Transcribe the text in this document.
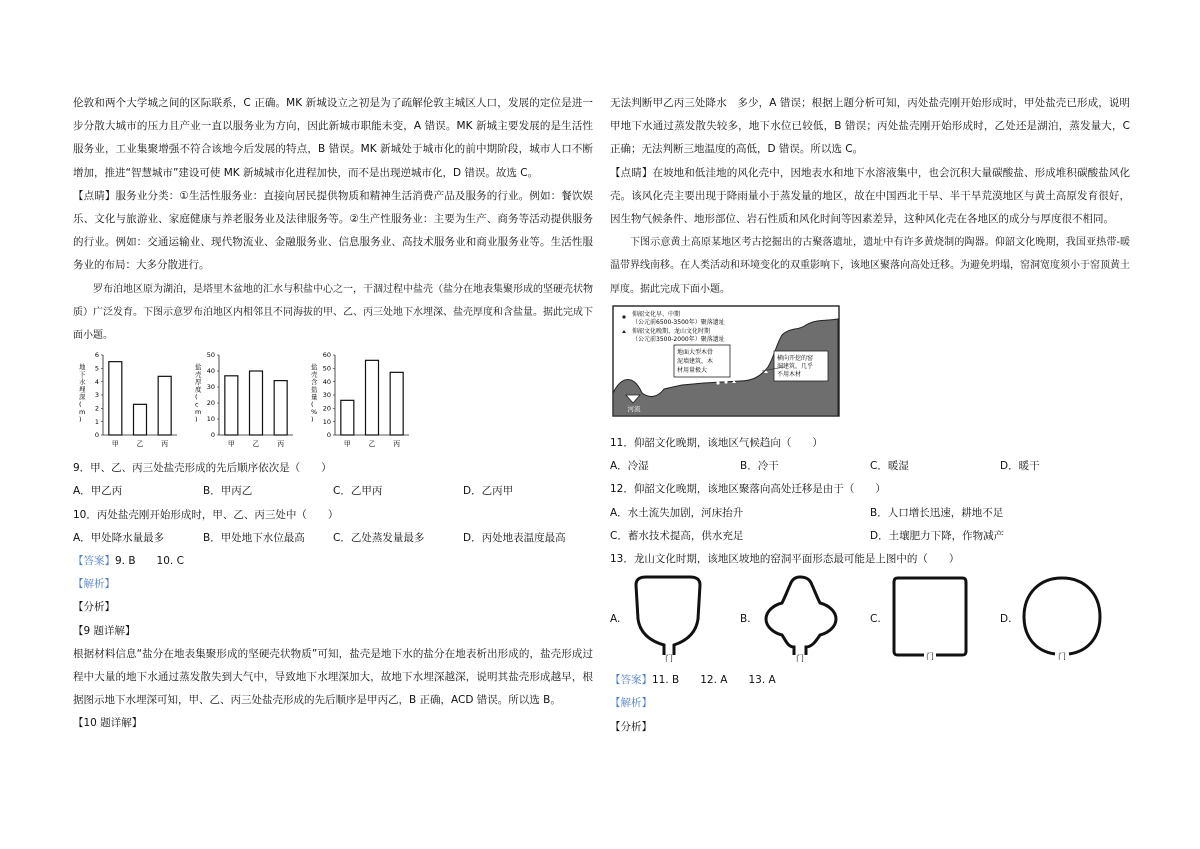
伦敦和两个大学城之间的区际联系，C 正确。MK 新城设立之初是为了疏解伦敦主城区人口，发展的定位是进一步分散大城市的压力且产业一直以服务业为方向，因此新城市职能未变，A 错误。MK 新城主要发展的是生活性服务业，工业集聚增强不符合该地今后发展的特点，B 错误。MK 新城处于城市化的前中期阶段，城市人口不断增加，推进“智慧城市”建设可使 MK 新城城市化进程加快，而不是出现逆城市化，D 错误。故选 C。

【点睛】服务业分类：①生活性服务业：直接向居民提供物质和精神生活消费产品及服务的行业。例如：餐饮娱乐、文化与旅游业、家庭健康与养老服务业及法律服务等。②生产性服务业：主要为生产、商务等活动提供服务的行业。例如：交通运输业、现代物流业、金融服务业、信息服务业、高技术服务业和商业服务业等。生活性服务业的布局：大多分散进行。

罗布泊地区原为湖泊，是塔里木盆地的汇水与积盐中心之一，干涸过程中盐壳（盐分在地表集聚形成的坚硬壳状物质）广泛发育。下图示意罗布泊地区内相邻且不同海拔的甲、乙、丙三处地下水埋深、盐壳厚度和含盐量。据此完成下面小题。

地下水埋深( m )
0
1
2
3
4
5
6
甲	乙	丙
盐壳厚度( c m )
0
10
20
30
40
50
甲	乙	丙
盐壳含盐量( % )
0
10
20
30
40
50
60
甲	乙	丙

9．甲、乙、丙三处盐壳形成的先后顺序依次是（　　）

A．甲乙丙	B．甲丙乙	C．乙甲丙	D．乙丙甲

10．丙处盐壳刚开始形成时，甲、乙、丙三处中（　　）

A．甲处降水量最多	B．甲处地下水位最高	C．乙处蒸发量最多	D．丙处地表温度最高

【答案】9. B　　10. C

【解析】

【分析】

【9 题详解】

根据材料信息“盐分在地表集聚形成的坚硬壳状物质”可知，盐壳是地下水的盐分在地表析出形成的，盐壳形成过程中大量的地下水通过蒸发散失到大气中，导致地下水埋深加大，故地下水埋深越深，说明其盐壳形成越早，根据图示地下水埋深可知，甲、乙、丙三处盐壳形成的先后顺序是甲丙乙，B 正确，ACD 错误。所以选 B。

【10 题详解】

无法判断甲乙丙三处降水　多少，A 错误；根据上题分析可知，丙处盐壳刚开始形成时，甲处盐壳已形成，说明甲地下水通过蒸发散失较多，地下水位已较低，B 错误；丙处盐壳刚开始形成时，乙处还是湖泊，蒸发量大，C 正确；无法判断三地温度的高低，D 错误。所以选 C。

【点睛】在坡地和低洼地的风化壳中，因地表水和地下水溶液集中，也会沉积大量碳酸盐、形成堆积碳酸盐风化壳。该风化壳主要出现于降雨量小于蒸发量的地区，故在中国西北干旱、半干旱荒漠地区与黄土高原发育很好，因生物气候条件、地形部位、岩石性质和风化时间等因素差异，这种风化壳在各地区的成分与厚度很不相同。

下图示意黄土高原某地区考古挖掘出的古聚落遗址，遗址中有许多黄烧制的陶器。仰韶文化晚期，我国亚热带-暖温带界线南移。在人类活动和环境变化的双重影响下，该地区聚落向高处迁移。为避免坍塌，窑洞宽度须小于窑顶黄土厚度。据此完成下面小题。

河流
仰韶文化早、中期
（公元前6500-3500年）聚落遗址
仰韶文化晚期、龙山文化时期
（公元前3500-2000年）聚落遗址
地面大型木骨
泥墙建筑，木
材用量极大
横向开挖的窑
洞建筑，几乎
不用木材

11．仰韶文化晚期，该地区气候趋向（　　）

A．冷湿	B．冷干	C．暖湿	D．暖干

12．仰韶文化晚期，该地区聚落向高处迁移是由于（　　）

A．水土流失加剧，河床抬升	B．人口增长迅速，耕地不足
C．蓄水技术提高，供水充足	D．土壤肥力下降，作物减产

13．龙山文化时期，该地区坡地的窑洞平面形态最可能是上图中的（　　）

A.
门
B.
门
C.
门
D.
门

【答案】11. B　　12. A　　13. A

【解析】

【分析】
